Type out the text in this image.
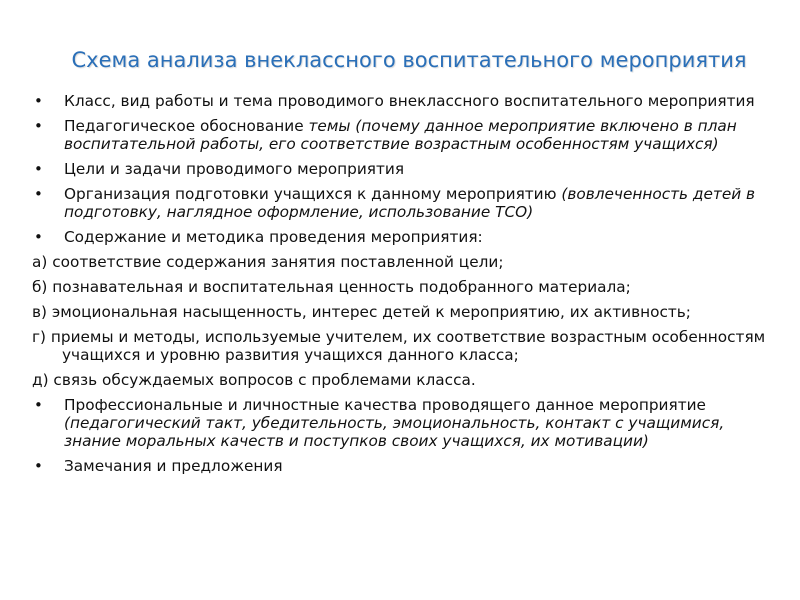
Схема анализа внеклассного воспитательного мероприятия
• Класс, вид работы и тема проводимого внеклассного воспитательного мероприятия
• Педагогическое обоснование темы (почему данное мероприятие включено в план воспитательной работы, его соответствие возрастным особенностям учащихся)
• Цели и задачи проводимого мероприятия
• Организация подготовки учащихся к данному мероприятию (вовлеченность детей в подготовку, наглядное оформление, использование ТСО)
• Содержание и методика проведения мероприятия:
а) соответствие содержания занятия поставленной цели;
б) познавательная и воспитательная ценность подобранного материала;
в) эмоциональная насыщенность, интерес детей к мероприятию, их активность;
г) приемы и методы, используемые учителем, их соответствие возрастным особенностям учащихся и уровню развития учащихся данного класса;
д) связь обсуждаемых вопросов с проблемами класса.
• Профессиональные и личностные качества проводящего данное мероприятие (педагогический такт, убедительность, эмоциональность, контакт с учащимися, знание моральных качеств и поступков своих учащихся, их мотивации)
• Замечания и предложения
